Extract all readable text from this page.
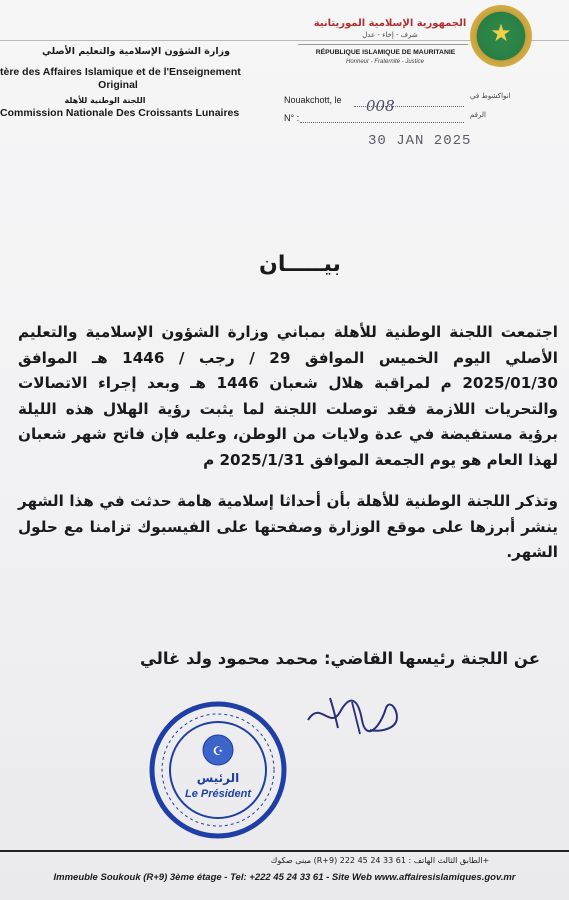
وزارة الشؤون الإسلامية والتعليم الأصلي
tère des Affaires Islamique et de l'Enseignement
Original
اللجنة الوطنية للأهلة
Commission Nationale Des Croissants Lunaires
الجمهورية الإسلامية الموريتانية
شرف - إخاء - عدل
RÉPUBLIQUE ISLAMIQUE DE MAURITANIE
Honneur - Fraternité - Justice
★
Nouakchott, le	انواكشوط في
N° :	الرقم
008
30 JAN 2025
بيـــــان

اجتمعت اللجنة الوطنية للأهلة بمباني وزارة الشؤون الإسلامية والتعليم الأصلي اليوم الخميس الموافق 29 / رجب / 1446 هـ الموافق 2025/01/30 م لمراقبة هلال شعبان 1446 هـ وبعد إجراء الاتصالات والتحريات اللازمة فقد توصلت اللجنة لما يثبت رؤية الهلال هذه الليلة برؤية مستفيضة في عدة ولايات من الوطن، وعليه فإن فاتح شهر شعبان لهذا العام هو يوم الجمعة الموافق 2025/1/31 م

وتذكر اللجنة الوطنية للأهلة بأن أحداثا إسلامية هامة حدثت في هذا الشهر ينشر أبرزها على موقع الوزارة وصفحتها على الفيسبوك تزامنا مع حلول الشهر.

عن اللجنة رئيسها القاضي: محمد محمود ولد غالي
☪
الرئيس
Le Président
مبنى صكوك (R+9) الطابق الثالث الهاتف : 61 33 24 45 222+
Immeuble Soukouk (R+9) 3ème étage - Tel: +222 45 24 33 61 - Site Web www.affairesislamiques.gov.mr
